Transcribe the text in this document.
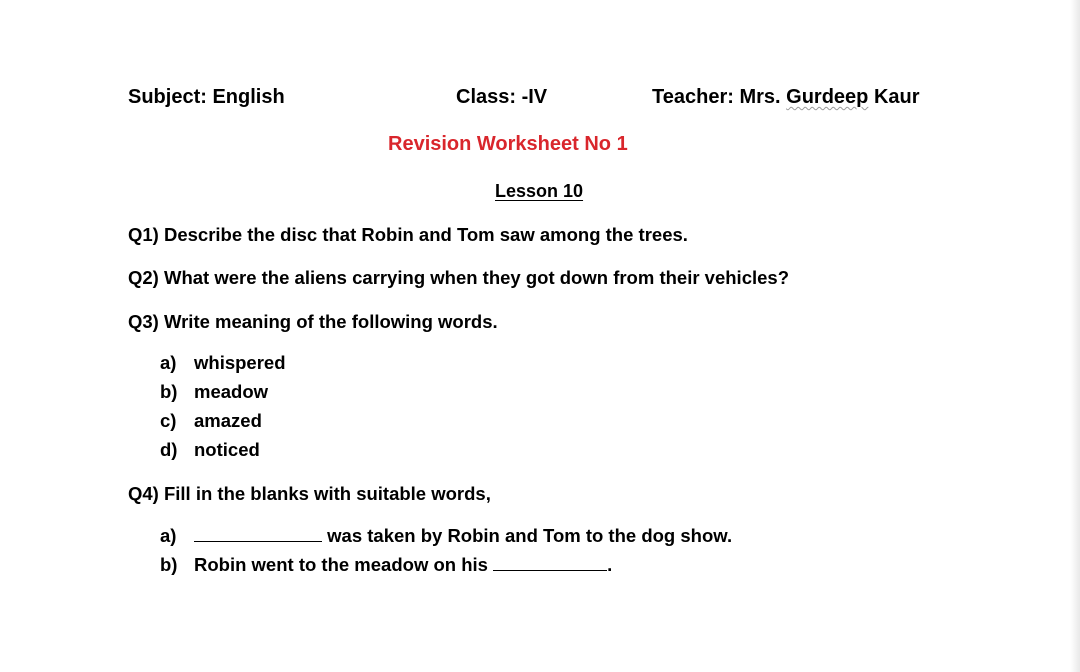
Subject: English	Class: -IV	Teacher: Mrs. Gurdeep Kaur
Revision Worksheet No 1
Lesson 10
Q1) Describe the disc that Robin and Tom saw among the trees.
Q2) What were the aliens carrying when they got down from their vehicles?
Q3) Write meaning of the following words.
a) whispered
b) meadow
c) amazed
d) noticed
Q4) Fill in the blanks with suitable words,
a)	was taken by Robin and Tom to the dog show.
b) Robin went to the meadow on his	.
